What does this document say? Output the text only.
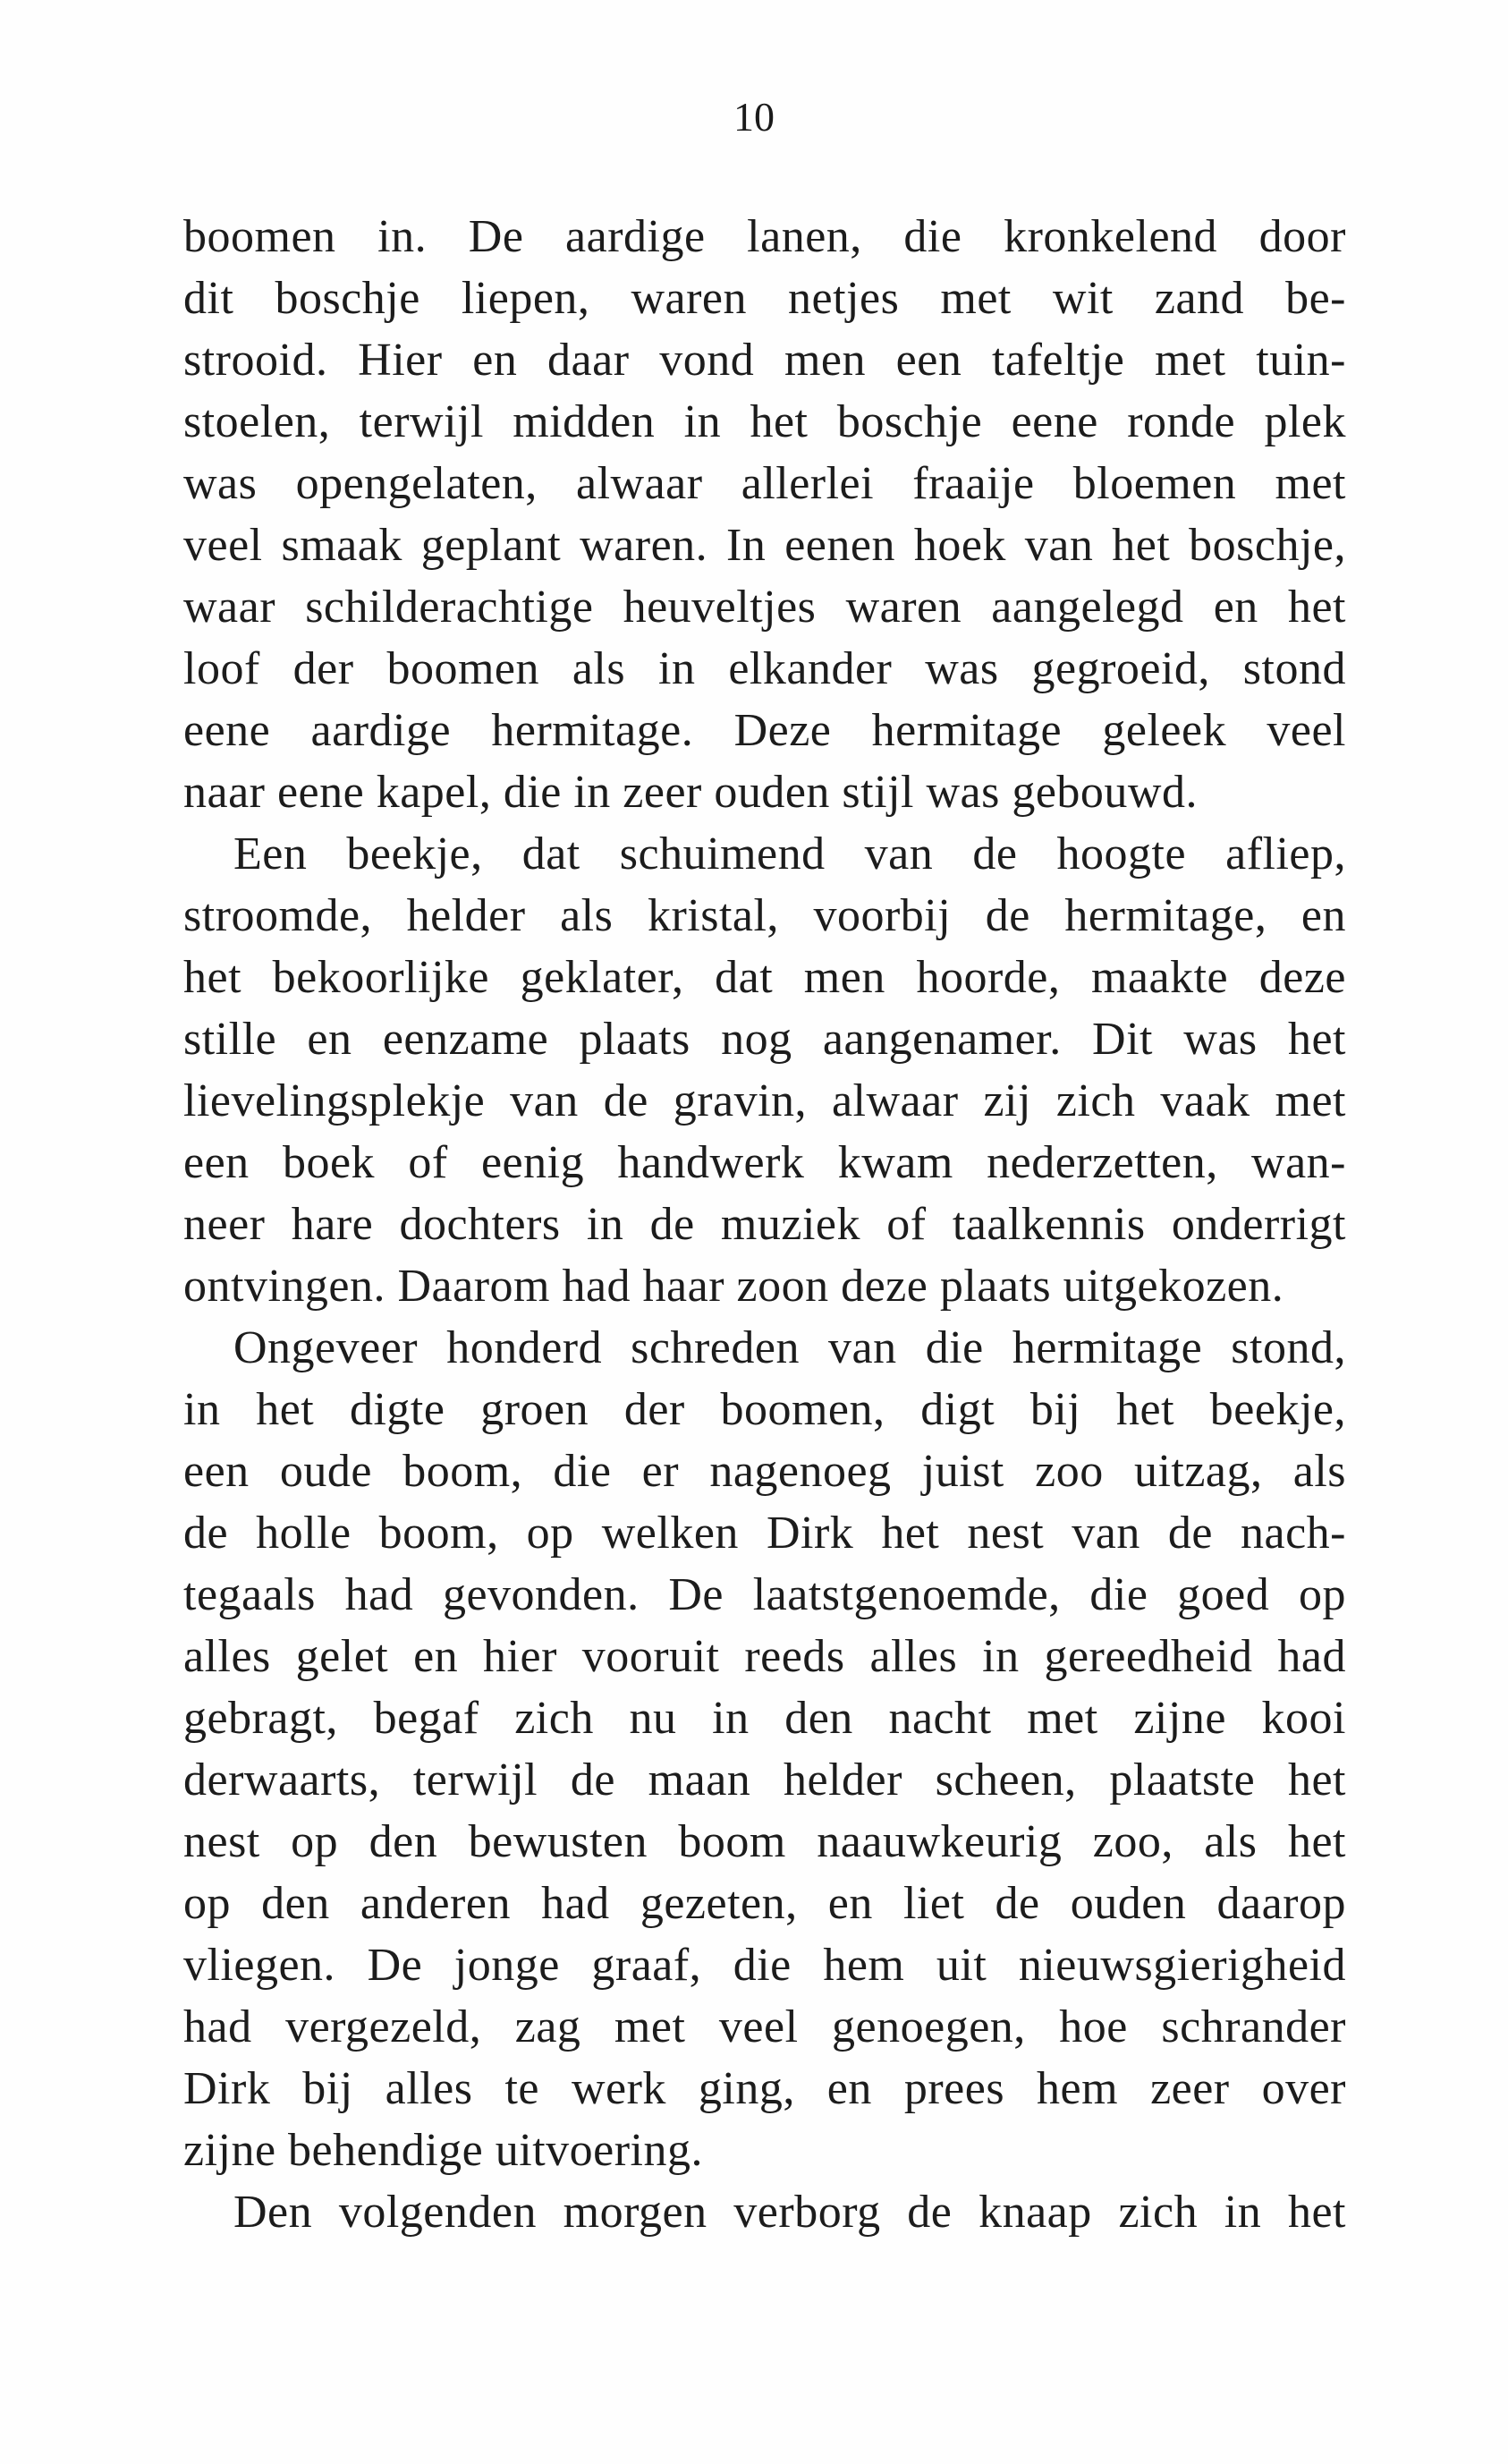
10
boomen in. De aardige lanen, die kronkelend door
dit boschje liepen, waren netjes met wit zand be-
strooid. Hier en daar vond men een tafeltje met tuin-
stoelen, terwijl midden in het boschje eene ronde plek
was opengelaten, alwaar allerlei fraaije bloemen met
veel smaak geplant waren. In eenen hoek van het boschje,
waar schilderachtige heuveltjes waren aangelegd en het
loof der boomen als in elkander was gegroeid, stond
eene aardige hermitage. Deze hermitage geleek veel
naar eene kapel, die in zeer ouden stijl was gebouwd.
Een beekje, dat schuimend van de hoogte afliep,
stroomde, helder als kristal, voorbij de hermitage, en
het bekoorlijke geklater, dat men hoorde, maakte deze
stille en eenzame plaats nog aangenamer. Dit was het
lievelingsplekje van de gravin, alwaar zij zich vaak met
een boek of eenig handwerk kwam nederzetten, wan-
neer hare dochters in de muziek of taalkennis onderrigt
ontvingen. Daarom had haar zoon deze plaats uitgekozen.
Ongeveer honderd schreden van die hermitage stond,
in het digte groen der boomen, digt bij het beekje,
een oude boom, die er nagenoeg juist zoo uitzag, als
de holle boom, op welken Dirk het nest van de nach-
tegaals had gevonden. De laatstgenoemde, die goed op
alles gelet en hier vooruit reeds alles in gereedheid had
gebragt, begaf zich nu in den nacht met zijne kooi
derwaarts, terwijl de maan helder scheen, plaatste het
nest op den bewusten boom naauwkeurig zoo, als het
op den anderen had gezeten, en liet de ouden daarop
vliegen. De jonge graaf, die hem uit nieuwsgierigheid
had vergezeld, zag met veel genoegen, hoe schrander
Dirk bij alles te werk ging, en prees hem zeer over
zijne behendige uitvoering.
Den volgenden morgen verborg de knaap zich in het
